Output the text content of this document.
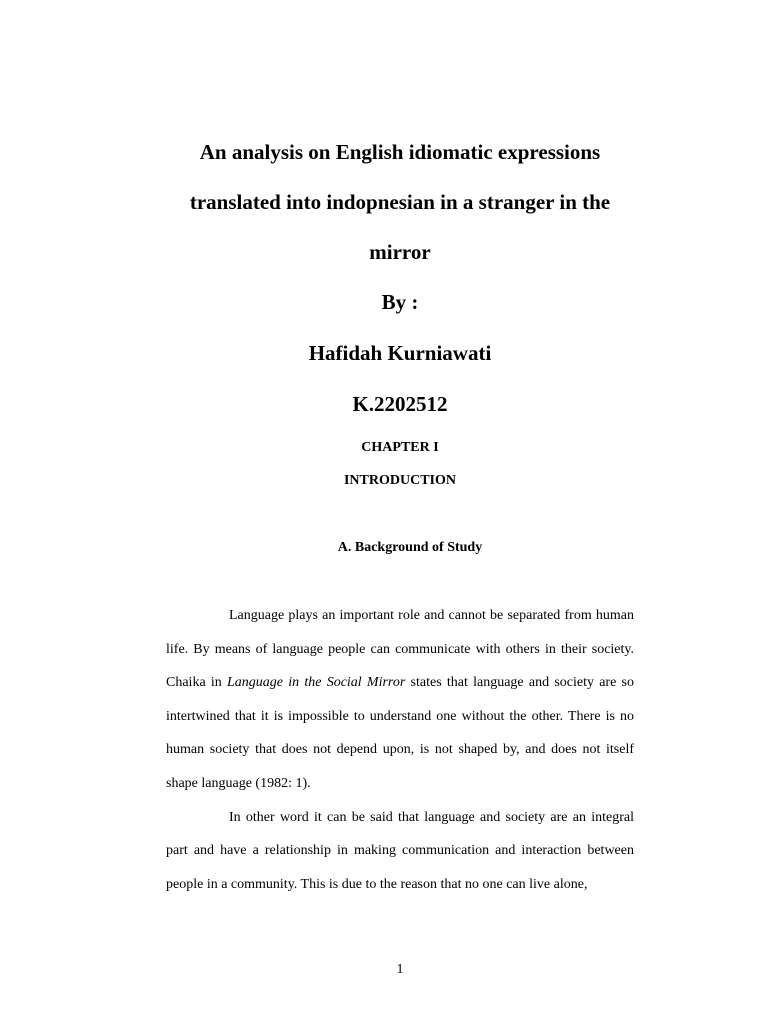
An analysis on English idiomatic expressions
translated into indopnesian in a stranger in the
mirror
By :
Hafidah Kurniawati
K.2202512
CHAPTER I
INTRODUCTION
A. Background of Study

Language plays an important role and cannot be separated from human life. By means of language people can communicate with others in their society. Chaika in Language in the Social Mirror states that language and society are so intertwined that it is impossible to understand one without the other. There is no human society that does not depend upon, is not shaped by, and does not itself shape language (1982: 1).

In other word it can be said that language and society are an integral part and have a relationship in making communication and interaction between people in a community. This is due to the reason that no one can live alone,

1
